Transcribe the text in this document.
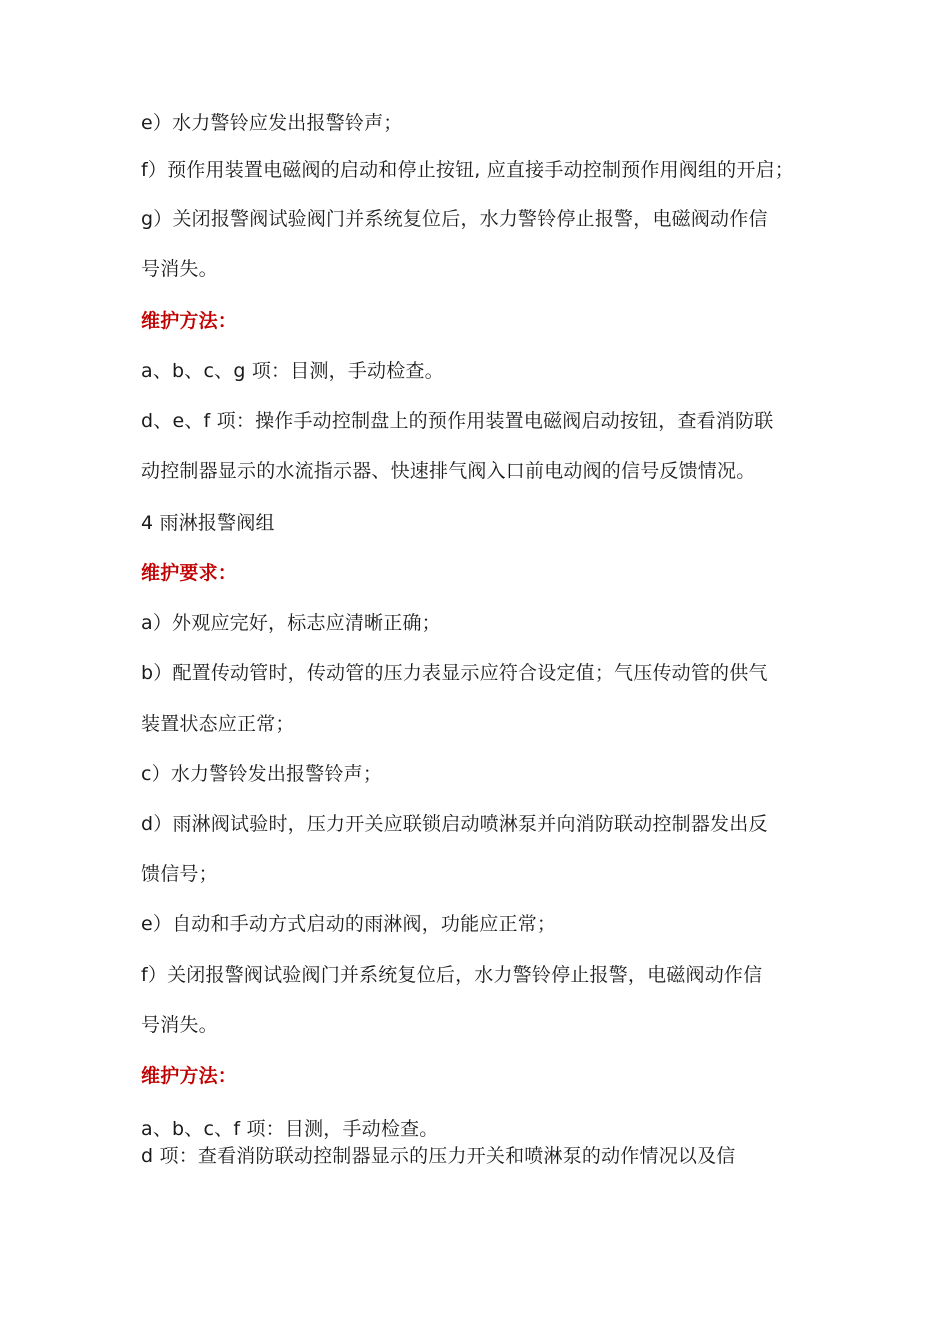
e）水力警铃应发出报警铃声；
f）预作用装置电磁阀的启动和停止按钮, 应直接手动控制预作用阀组的开启；
g）关闭报警阀试验阀门并系统复位后，水力警铃停止报警，电磁阀动作信
号消失。
维护方法：
a、b、c、g 项：目测，手动检查。
d、e、f 项：操作手动控制盘上的预作用装置电磁阀启动按钮，查看消防联
动控制器显示的水流指示器、快速排气阀入口前电动阀的信号反馈情况。
4 雨淋报警阀组
维护要求：
a）外观应完好，标志应清晰正确；
b）配置传动管时，传动管的压力表显示应符合设定值；气压传动管的供气
装置状态应正常；
c）水力警铃发出报警铃声；
d）雨淋阀试验时，压力开关应联锁启动喷淋泵并向消防联动控制器发出反
馈信号；
e）自动和手动方式启动的雨淋阀，功能应正常；
f）关闭报警阀试验阀门并系统复位后，水力警铃停止报警，电磁阀动作信
号消失。
维护方法：
a、b、c、f 项：目测，手动检查。
d 项：查看消防联动控制器显示的压力开关和喷淋泵的动作情况以及信
